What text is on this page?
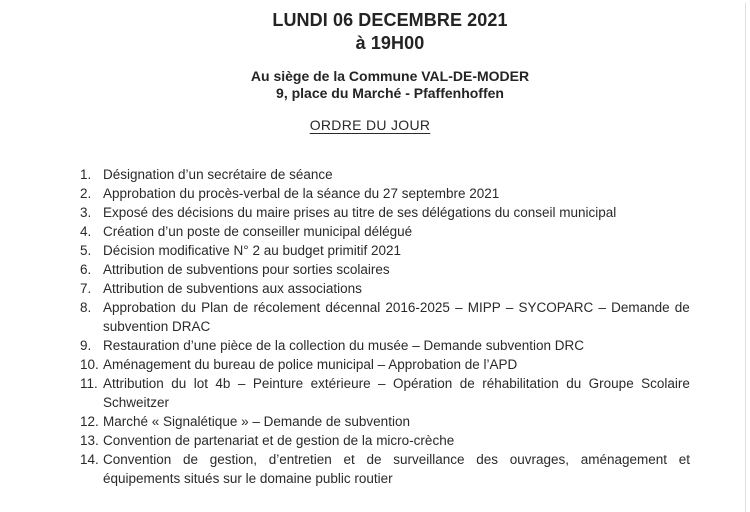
LUNDI 06 DECEMBRE 2021
à 19H00
Au siège de la Commune VAL-DE-MODER
9, place du Marché - Pfaffenhoffen
ORDRE DU JOUR
1. Désignation d’un secrétaire de séance
2. Approbation du procès-verbal de la séance du 27 septembre 2021
3. Exposé des décisions du maire prises au titre de ses délégations du conseil municipal
4. Création d’un poste de conseiller municipal délégué
5. Décision modificative N° 2 au budget primitif 2021
6. Attribution de subventions pour sorties scolaires
7. Attribution de subventions aux associations
8. Approbation du Plan de récolement décennal 2016-2025 – MIPP – SYCOPARC – Demande de
subvention DRAC
9. Restauration d’une pièce de la collection du musée – Demande subvention DRC
10. Aménagement du bureau de police municipal – Approbation de l’APD
11. Attribution du lot 4b – Peinture extérieure – Opération de réhabilitation du Groupe Scolaire
Schweitzer
12. Marché « Signalétique » – Demande de subvention
13. Convention de partenariat et de gestion de la micro-crèche
14. Convention de gestion, d’entretien et de surveillance des ouvrages, aménagement et
équipements situés sur le domaine public routier
